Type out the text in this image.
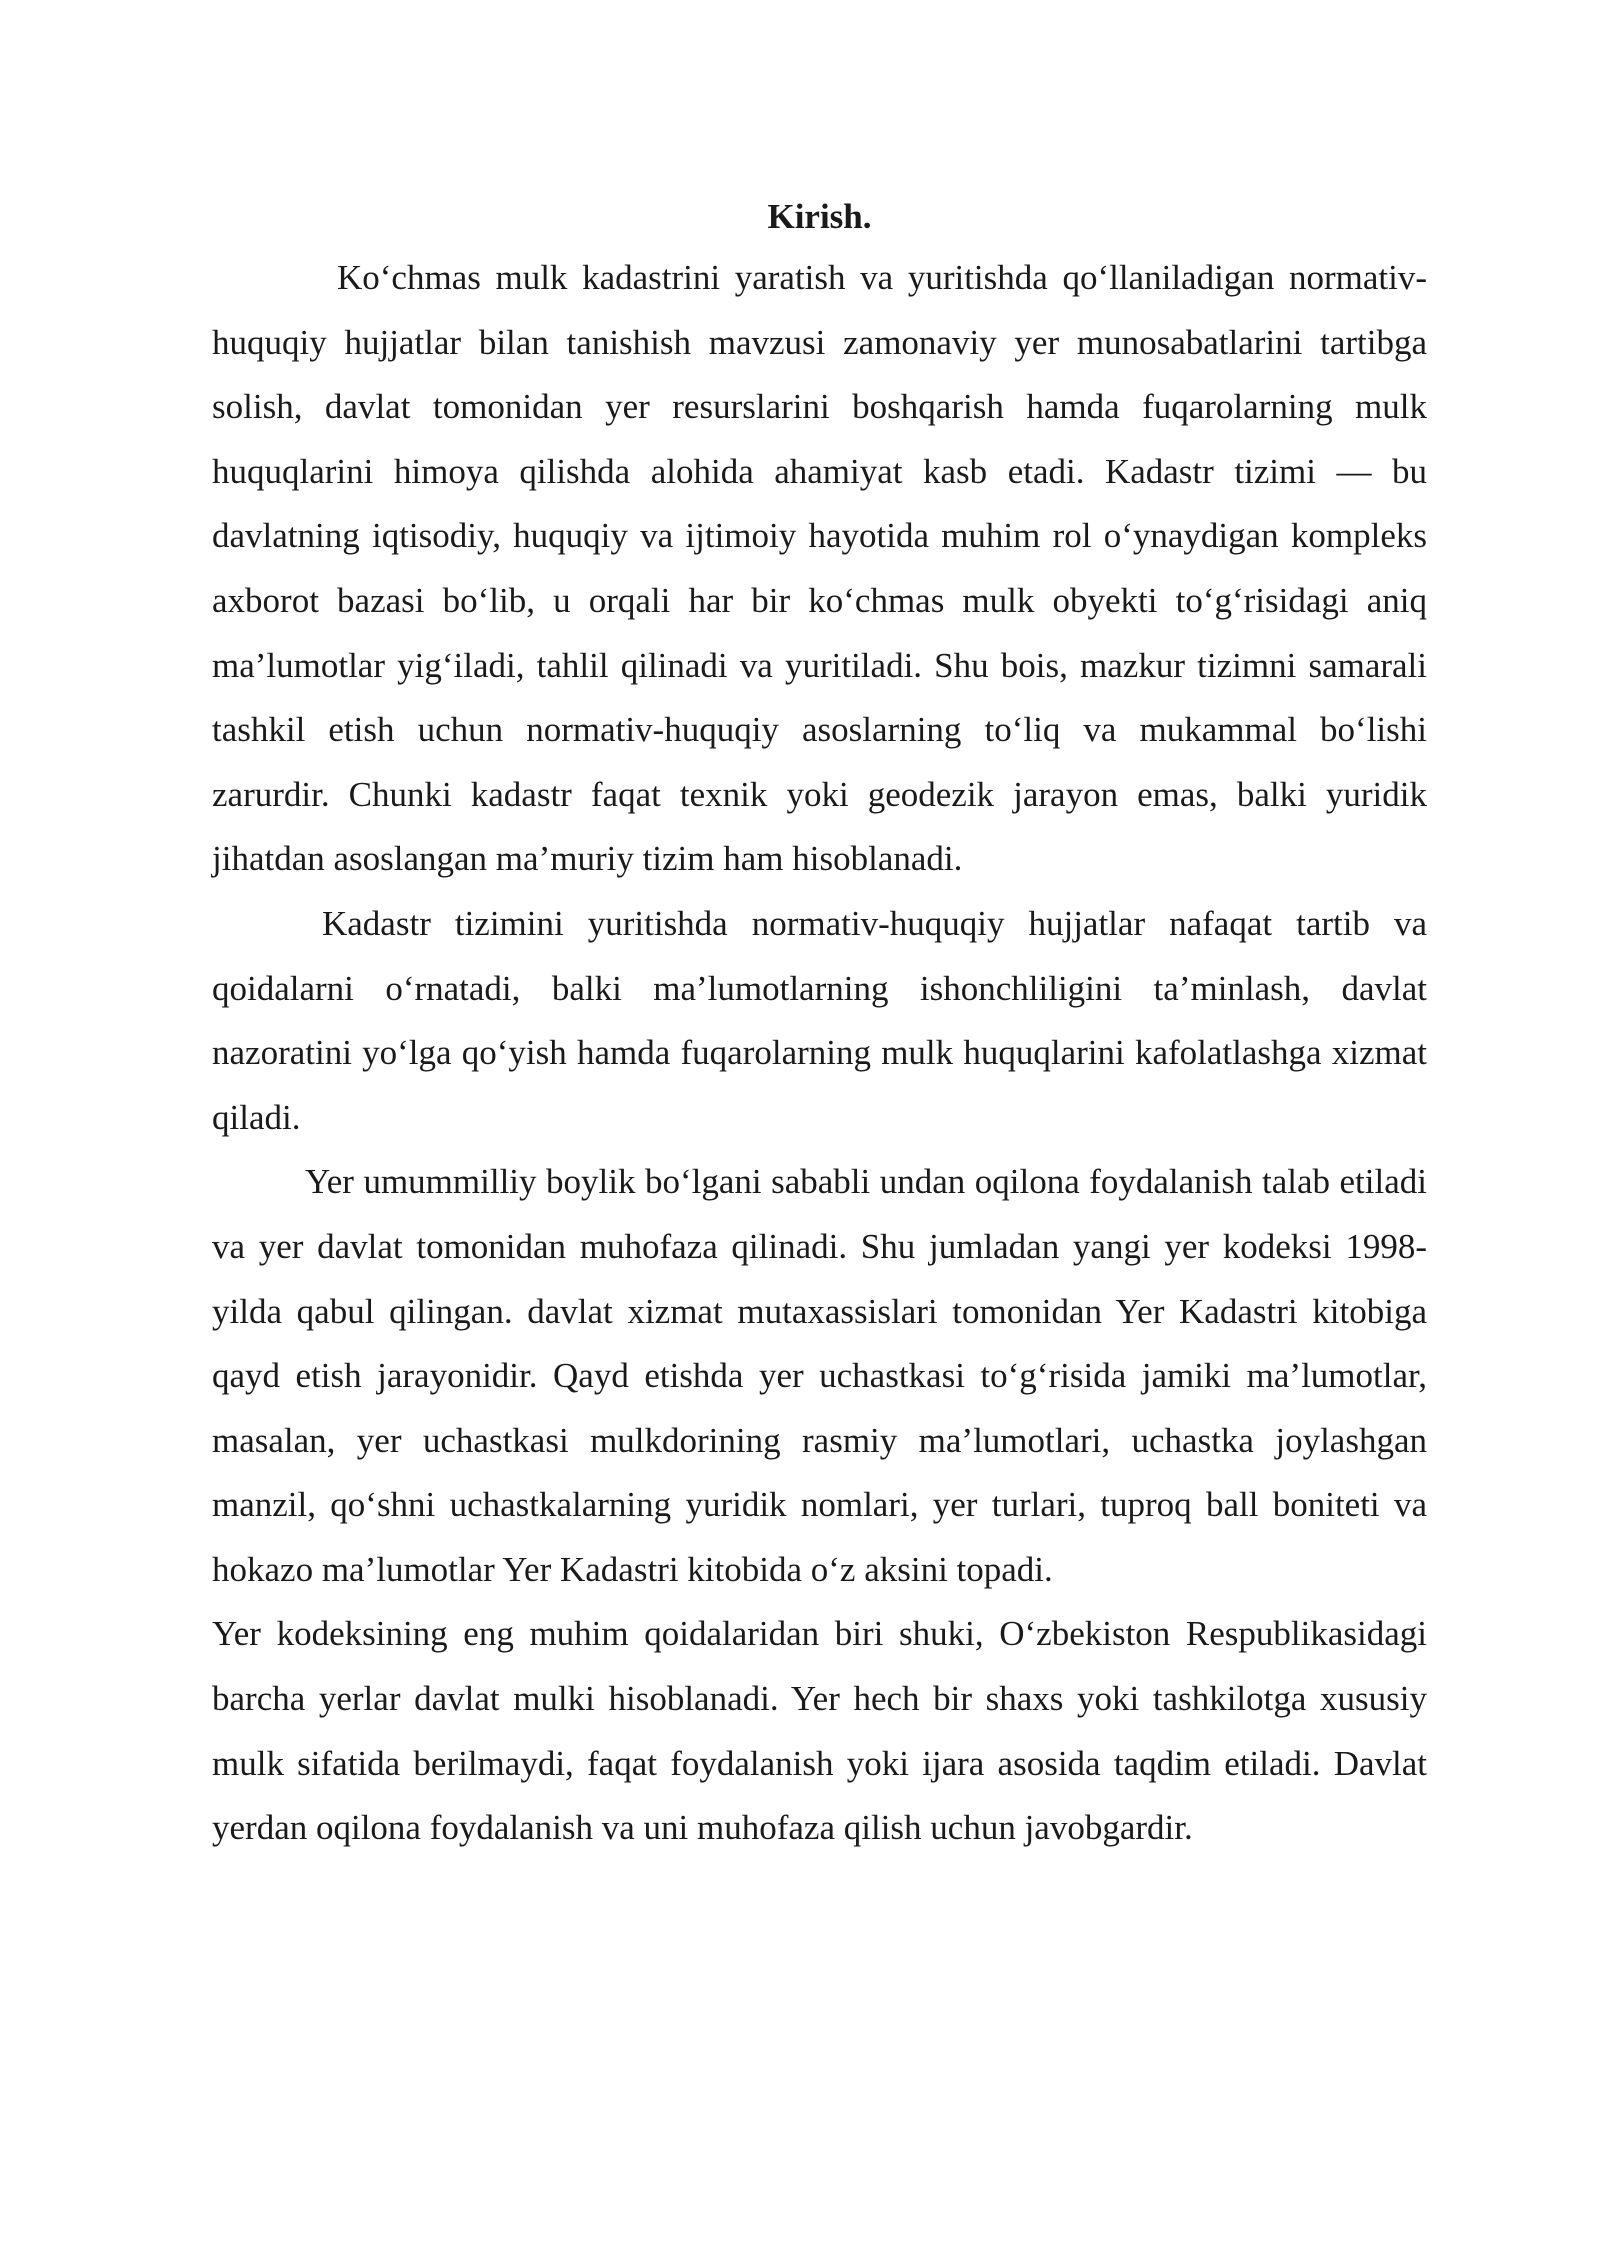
Kirish.

Ko‘chmas mulk kadastrini yaratish va yuritishda qo‘llaniladigan normativ-huquqiy hujjatlar bilan tanishish mavzusi zamonaviy yer munosabatlarini tartibga solish, davlat tomonidan yer resurslarini boshqarish hamda fuqarolarning mulk huquqlarini himoya qilishda alohida ahamiyat kasb etadi. Kadastr tizimi — bu davlatning iqtisodiy, huquqiy va ijtimoiy hayotida muhim rol o‘ynaydigan kompleks axborot bazasi bo‘lib, u orqali har bir ko‘chmas mulk obyekti to‘g‘risidagi aniq ma’lumotlar yig‘iladi, tahlil qilinadi va yuritiladi. Shu bois, mazkur tizimni samarali tashkil etish uchun normativ-huquqiy asoslarning to‘liq va mukammal bo‘lishi zarurdir. Chunki kadastr faqat texnik yoki geodezik jarayon emas, balki yuridik jihatdan asoslangan ma’muriy tizim ham hisoblanadi.

Kadastr tizimini yuritishda normativ-huquqiy hujjatlar nafaqat tartib va qoidalarni o‘rnatadi, balki ma’lumotlarning ishonchliligini ta’minlash, davlat nazoratini yo‘lga qo‘yish hamda fuqarolarning mulk huquqlarini kafolatlashga xizmat qiladi.

Yer umummilliy boylik bo‘lgani sababli undan oqilona foydalanish talab etiladi va yer davlat tomonidan muhofaza qilinadi. Shu jumladan yangi yer kodeksi 1998-yilda qabul qilingan. davlat xizmat mutaxassislari tomonidan Yer Kadastri kitobiga qayd etish jarayonidir. Qayd etishda yer uchastkasi to‘g‘risida jamiki ma’lumotlar, masalan, yer uchastkasi mulkdorining rasmiy ma’lumotlari, uchastka joylashgan manzil, qo‘shni uchastkalarning yuridik nomlari, yer turlari, tuproq ball boniteti va hokazo ma’lumotlar Yer Kadastri kitobida o‘z aksini topadi.

Yer kodeksining eng muhim qoidalaridan biri shuki, O‘zbekiston Respublikasidagi barcha yerlar davlat mulki hisoblanadi. Yer hech bir shaxs yoki tashkilotga xususiy mulk sifatida berilmaydi, faqat foydalanish yoki ijara asosida taqdim etiladi. Davlat yerdan oqilona foydalanish va uni muhofaza qilish uchun javobgardir.
